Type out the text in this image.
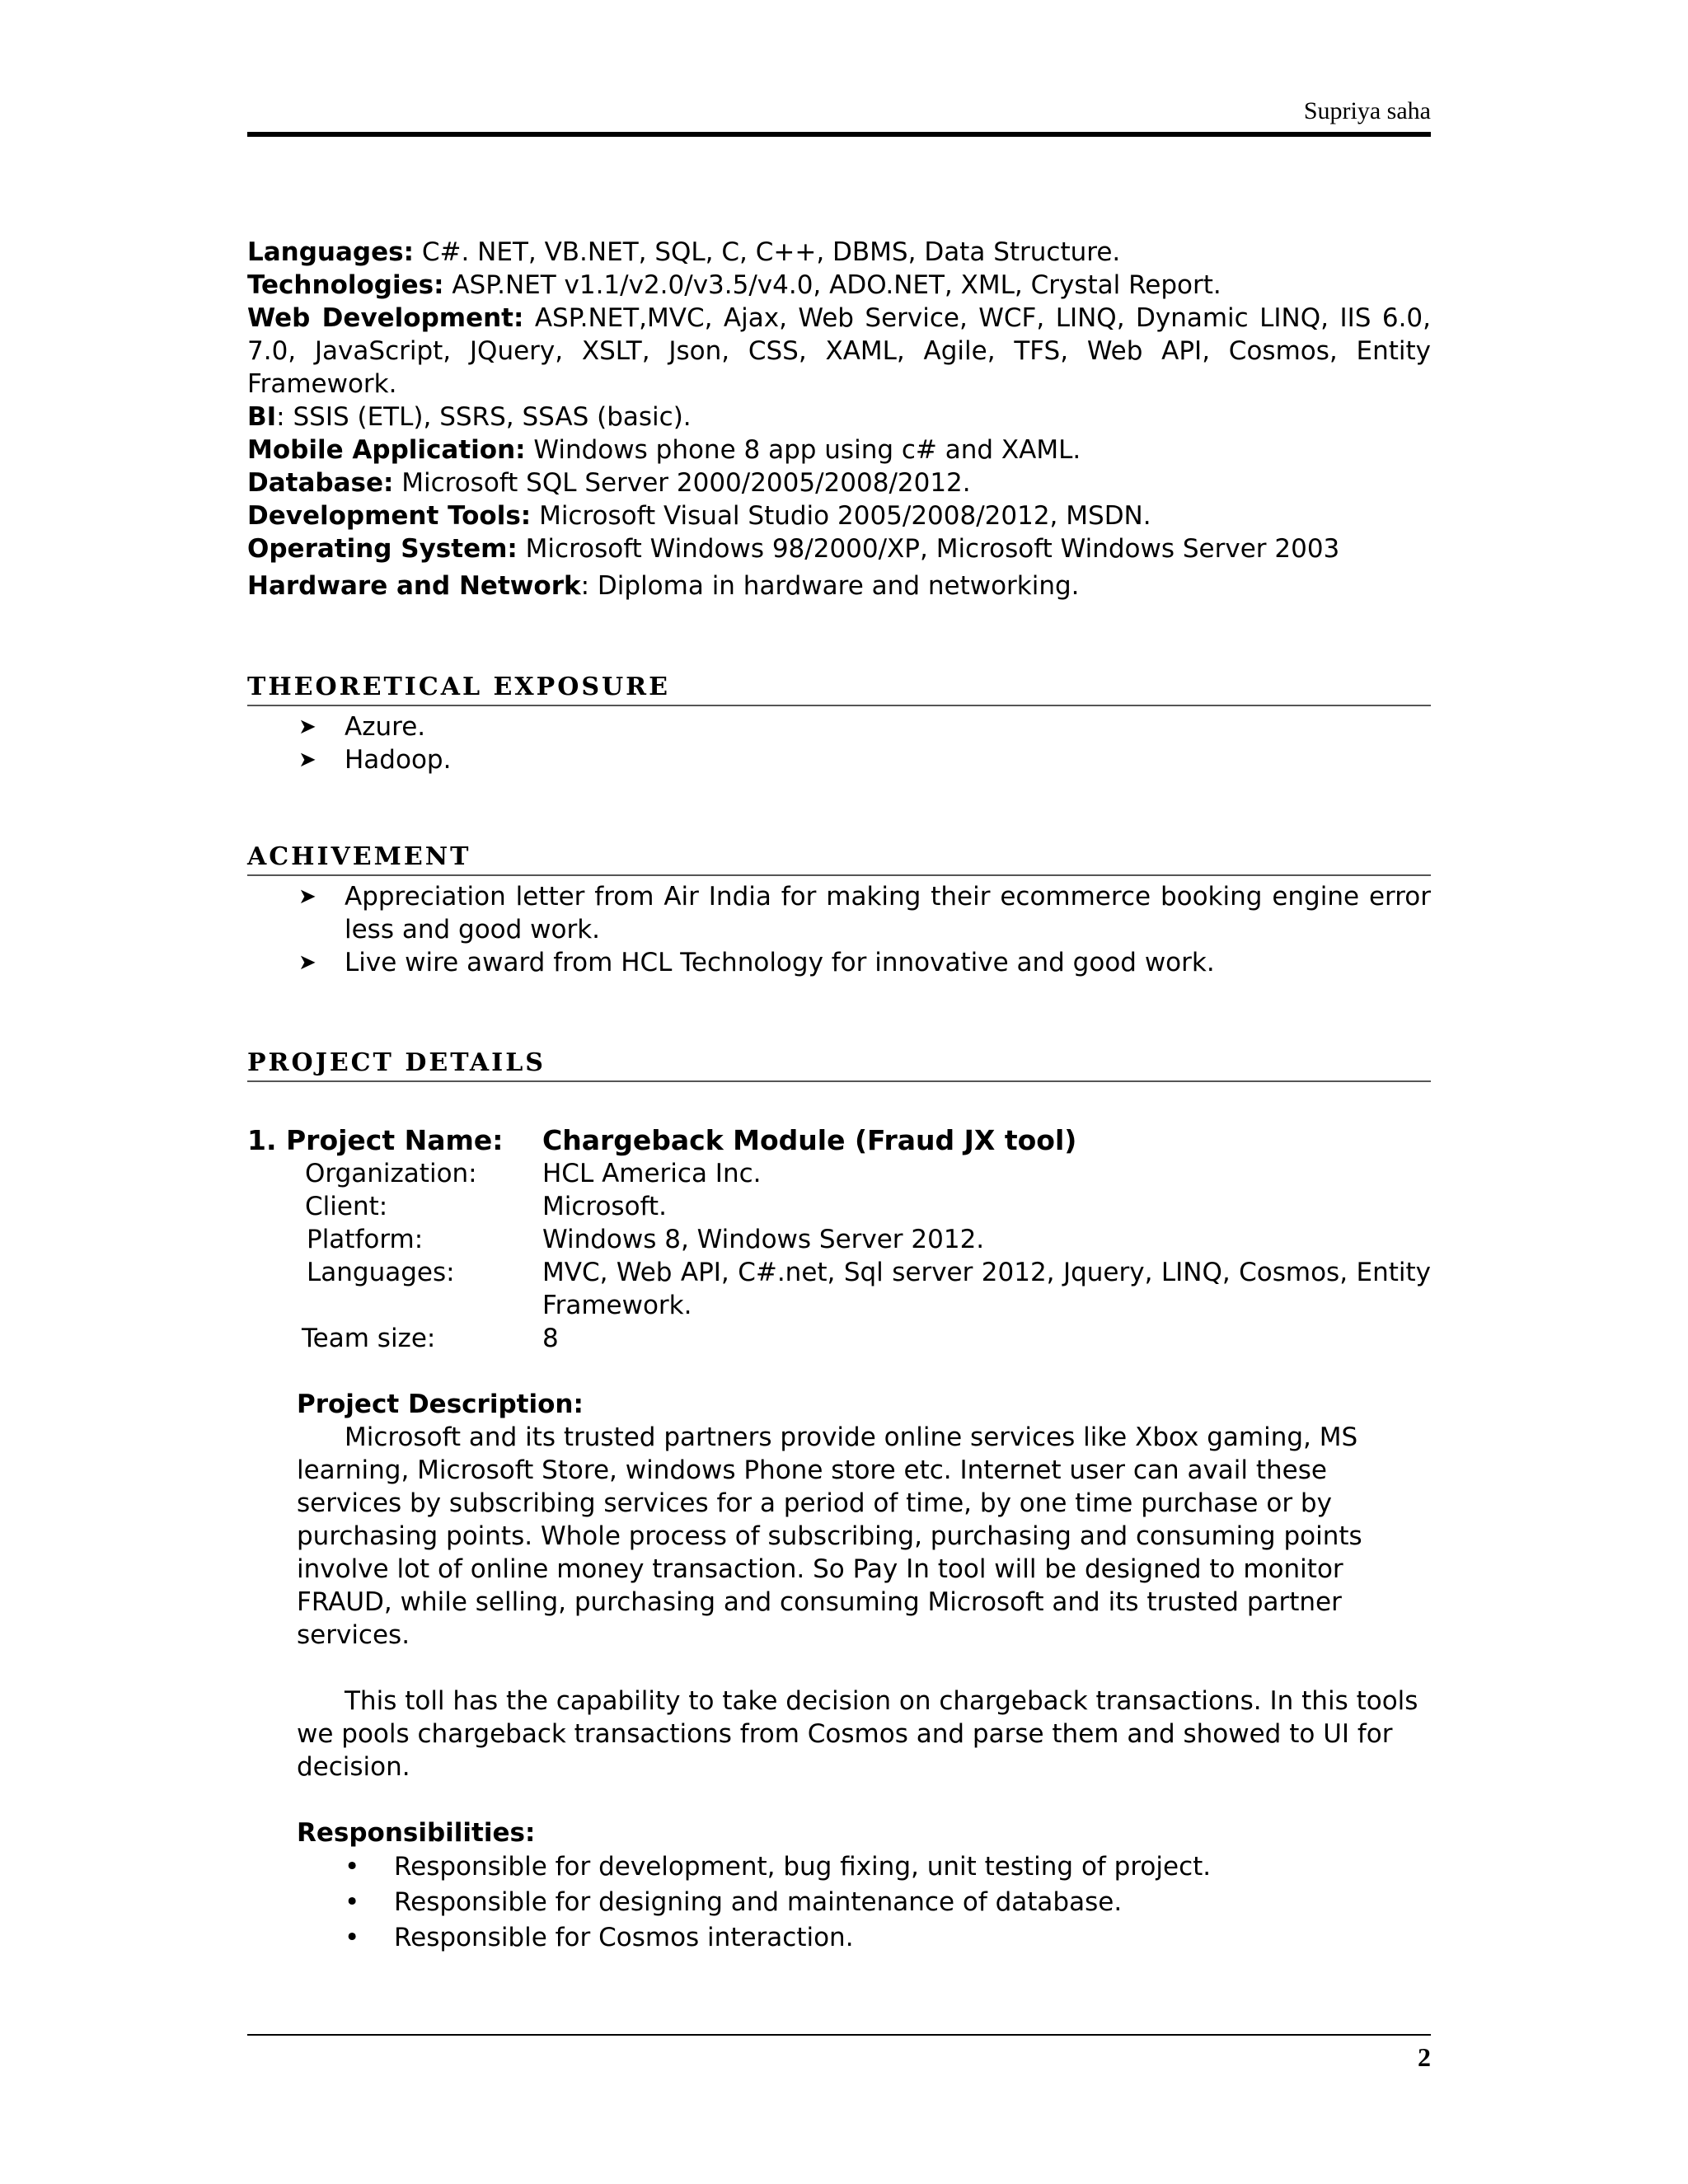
Supriya saha

Languages: C#. NET, VB.NET, SQL, C, C++, DBMS, Data Structure.

Technologies: ASP.NET v1.1/v2.0/v3.5/v4.0, ADO.NET, XML, Crystal Report.

Web Development: ASP.NET,MVC, Ajax, Web Service, WCF, LINQ, Dynamic LINQ, IIS 6.0, 7.0, JavaScript, JQuery, XSLT, Json, CSS, XAML, Agile, TFS, Web API, Cosmos, Entity Framework.

BI: SSIS (ETL), SSRS, SSAS (basic).

Mobile Application: Windows phone 8 app using c# and XAML.

Database: Microsoft SQL Server 2000/2005/2008/2012.

Development Tools: Microsoft Visual Studio 2005/2008/2012, MSDN.

Operating System: Microsoft Windows 98/2000/XP, Microsoft Windows Server 2003

Hardware and Network: Diploma in hardware and networking.

THEORETICAL EXPOSURE
➤ Azure.
➤ Hadoop.
ACHIVEMENT
➤ Appreciation letter from Air India for making their ecommerce booking engine error less and good work.
➤ Live wire award from HCL Technology for innovative and good work.
PROJECT DETAILS
1. Project Name:	Chargeback Module (Fraud JX tool)
Organization:	HCL America Inc.
Client:	Microsoft.
Platform:	Windows 8, Windows Server 2012.
Languages:	MVC, Web API, C#.net, Sql server 2012, Jquery, LINQ, Cosmos, Entity Framework.
Team size:	8

Project Description:

Microsoft and its trusted partners provide online services like Xbox gaming, MS learning, Microsoft Store, windows Phone store etc. Internet user can avail these services by subscribing services for a period of time, by one time purchase or by purchasing points. Whole process of subscribing, purchasing and consuming points involve lot of online money transaction. So Pay In tool will be designed to monitor FRAUD, while selling, purchasing and consuming Microsoft and its trusted partner services.

This toll has the capability to take decision on chargeback transactions. In this tools we pools chargeback transactions from Cosmos and parse them and showed to UI for decision.

Responsibilities:

• Responsible for development, bug fixing, unit testing of project.
• Responsible for designing and maintenance of database.
• Responsible for Cosmos interaction.
2
